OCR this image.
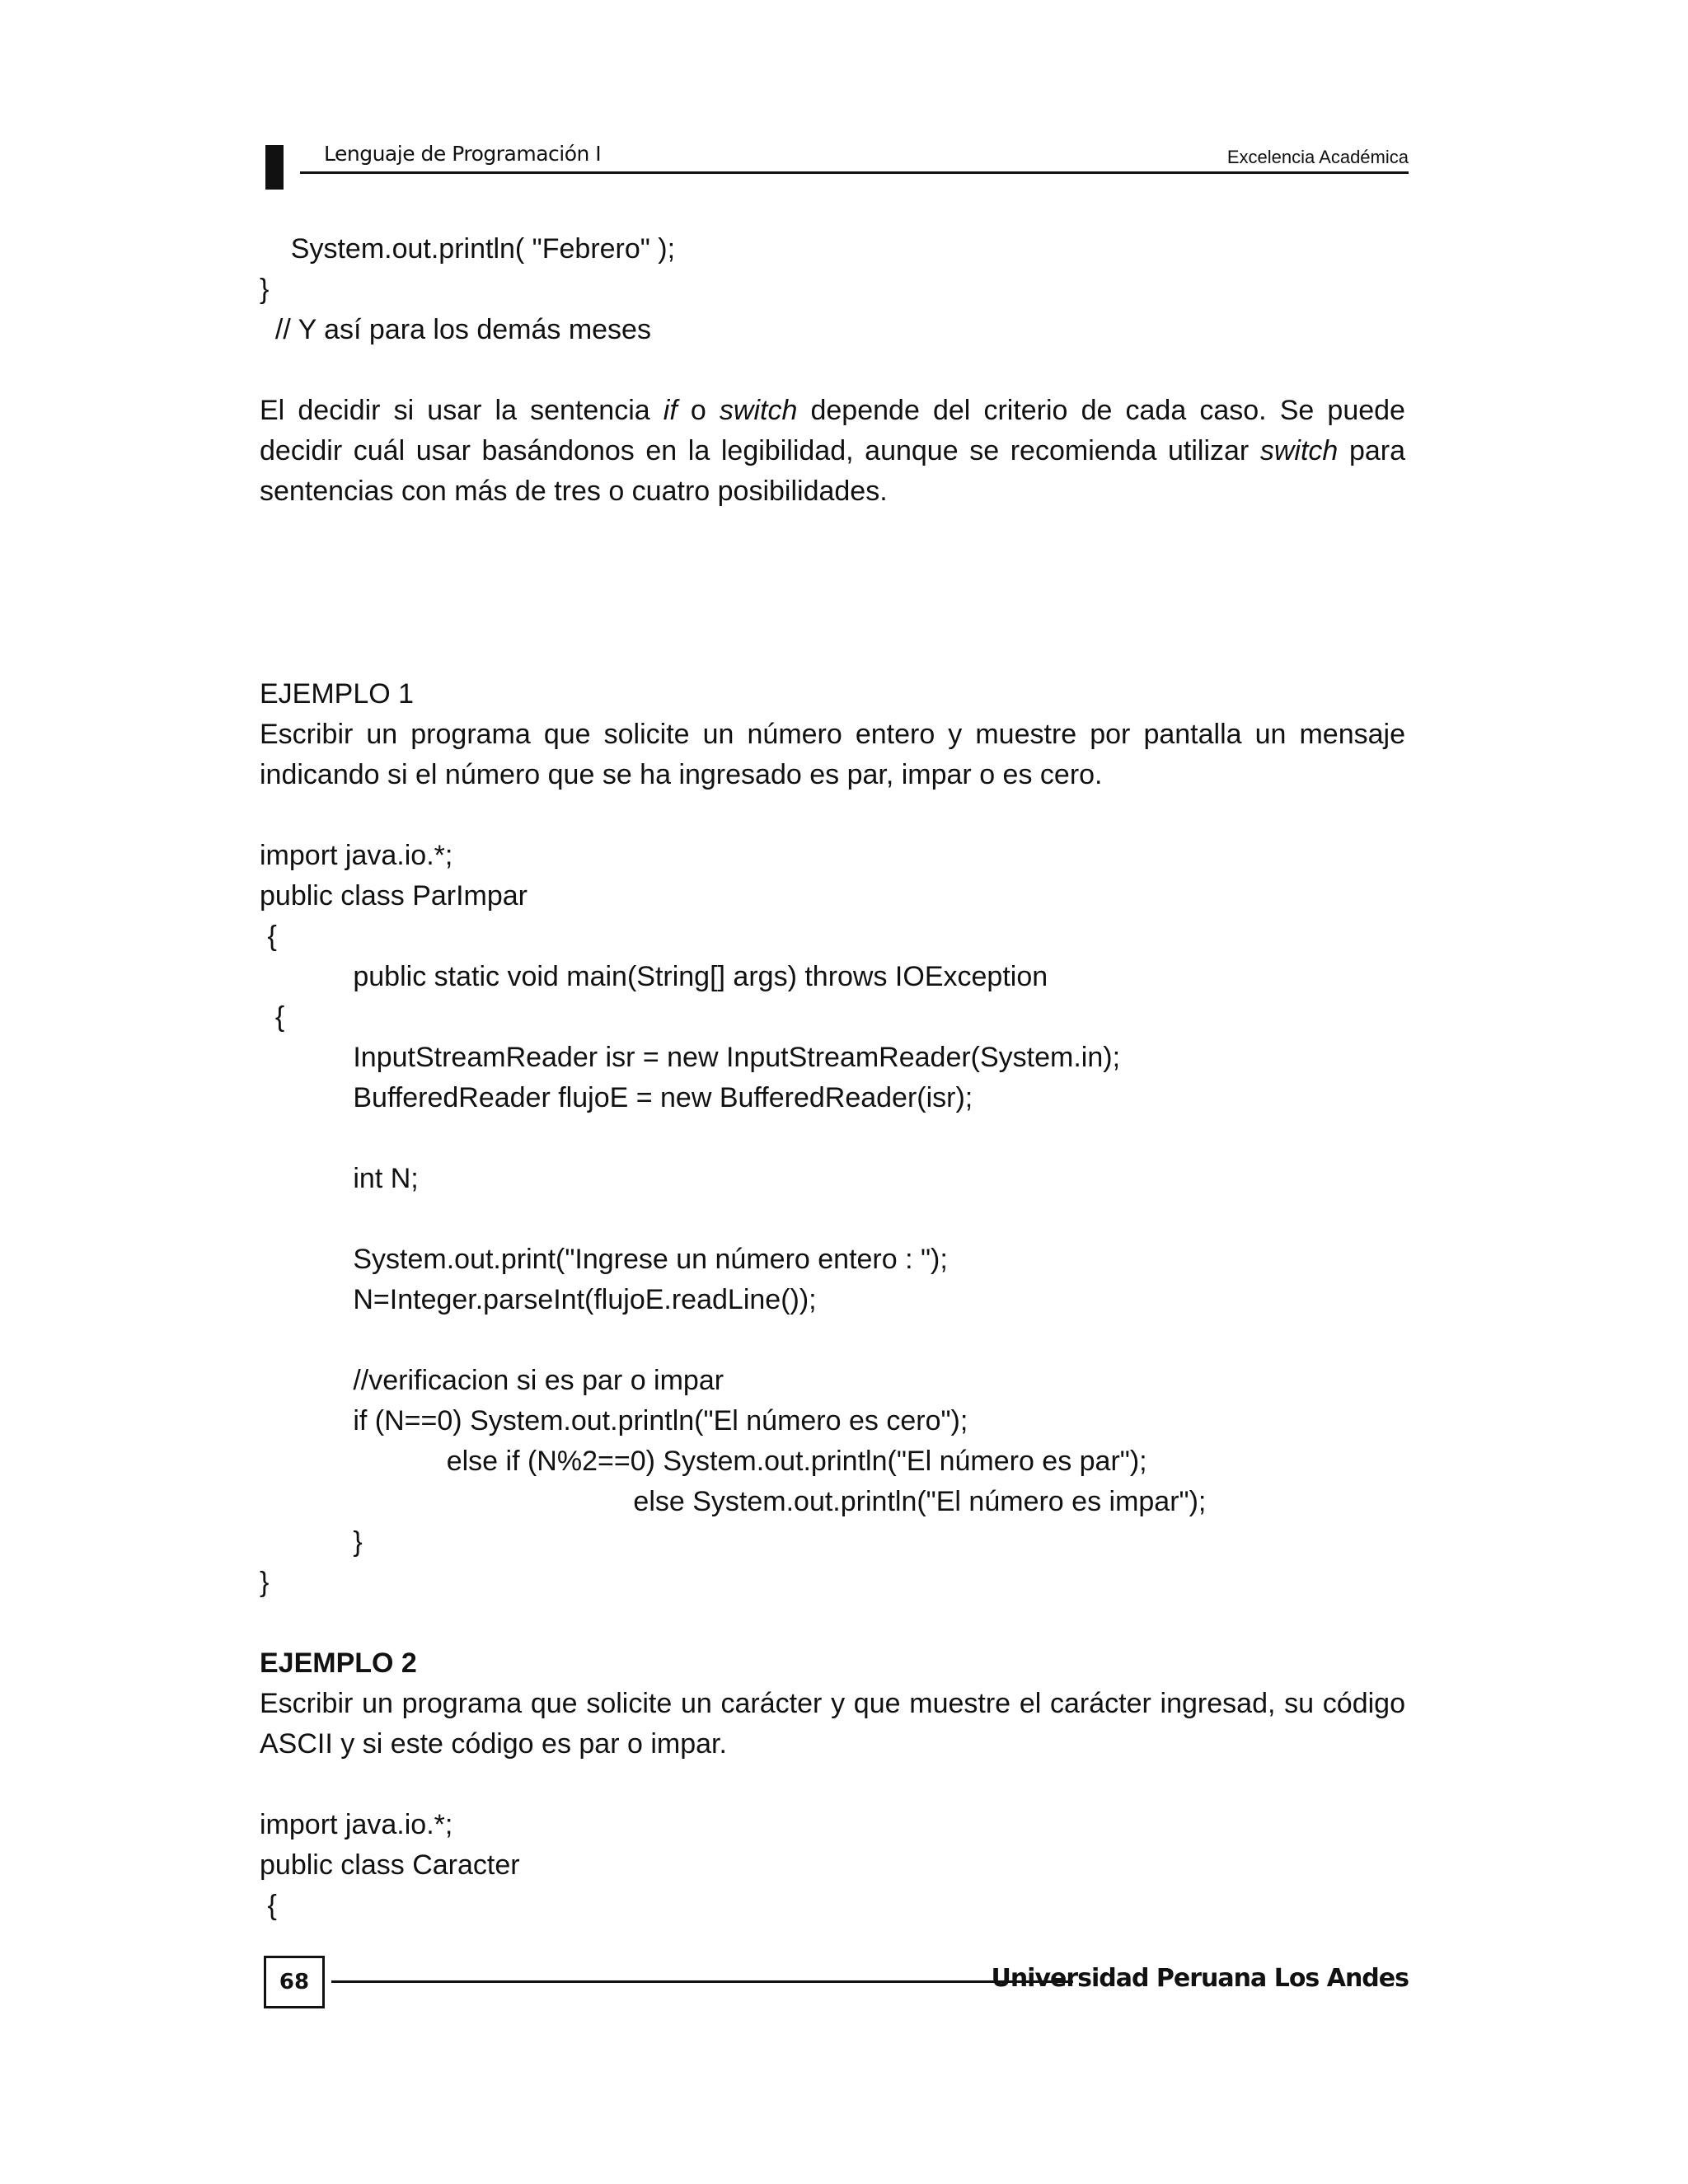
Lenguaje de Programación I	Excelencia Académica
System.out.println( "Febrero" );
}
// Y así para los demás meses
El decidir si usar la sentencia if o switch depende del criterio de cada caso. Se puede decidir cuál usar basándonos en la legibilidad, aunque se recomienda utilizar switch para sentencias con más de tres o cuatro posibilidades.
EJEMPLO 1
Escribir un programa que solicite un número entero y muestre por pantalla un mensaje indicando si el número que se ha ingresado es par, impar o es cero.
import java.io.*;
public class ParImpar
{
public static void main(String[] args) throws IOException
{
InputStreamReader isr = new InputStreamReader(System.in);
BufferedReader flujoE = new BufferedReader(isr);
int N;
System.out.print("Ingrese un número entero : ");
N=Integer.parseInt(flujoE.readLine());
//verificacion si es par o impar
if (N==0) System.out.println("El número es cero");
else if (N%2==0) System.out.println("El número es par");
else System.out.println("El número es impar");
}
}
EJEMPLO 2
Escribir un programa que solicite un carácter y que muestre el carácter ingresad, su código ASCII y si este código es par o impar.
import java.io.*;
public class Caracter
{
68	Universidad Peruana Los Andes
